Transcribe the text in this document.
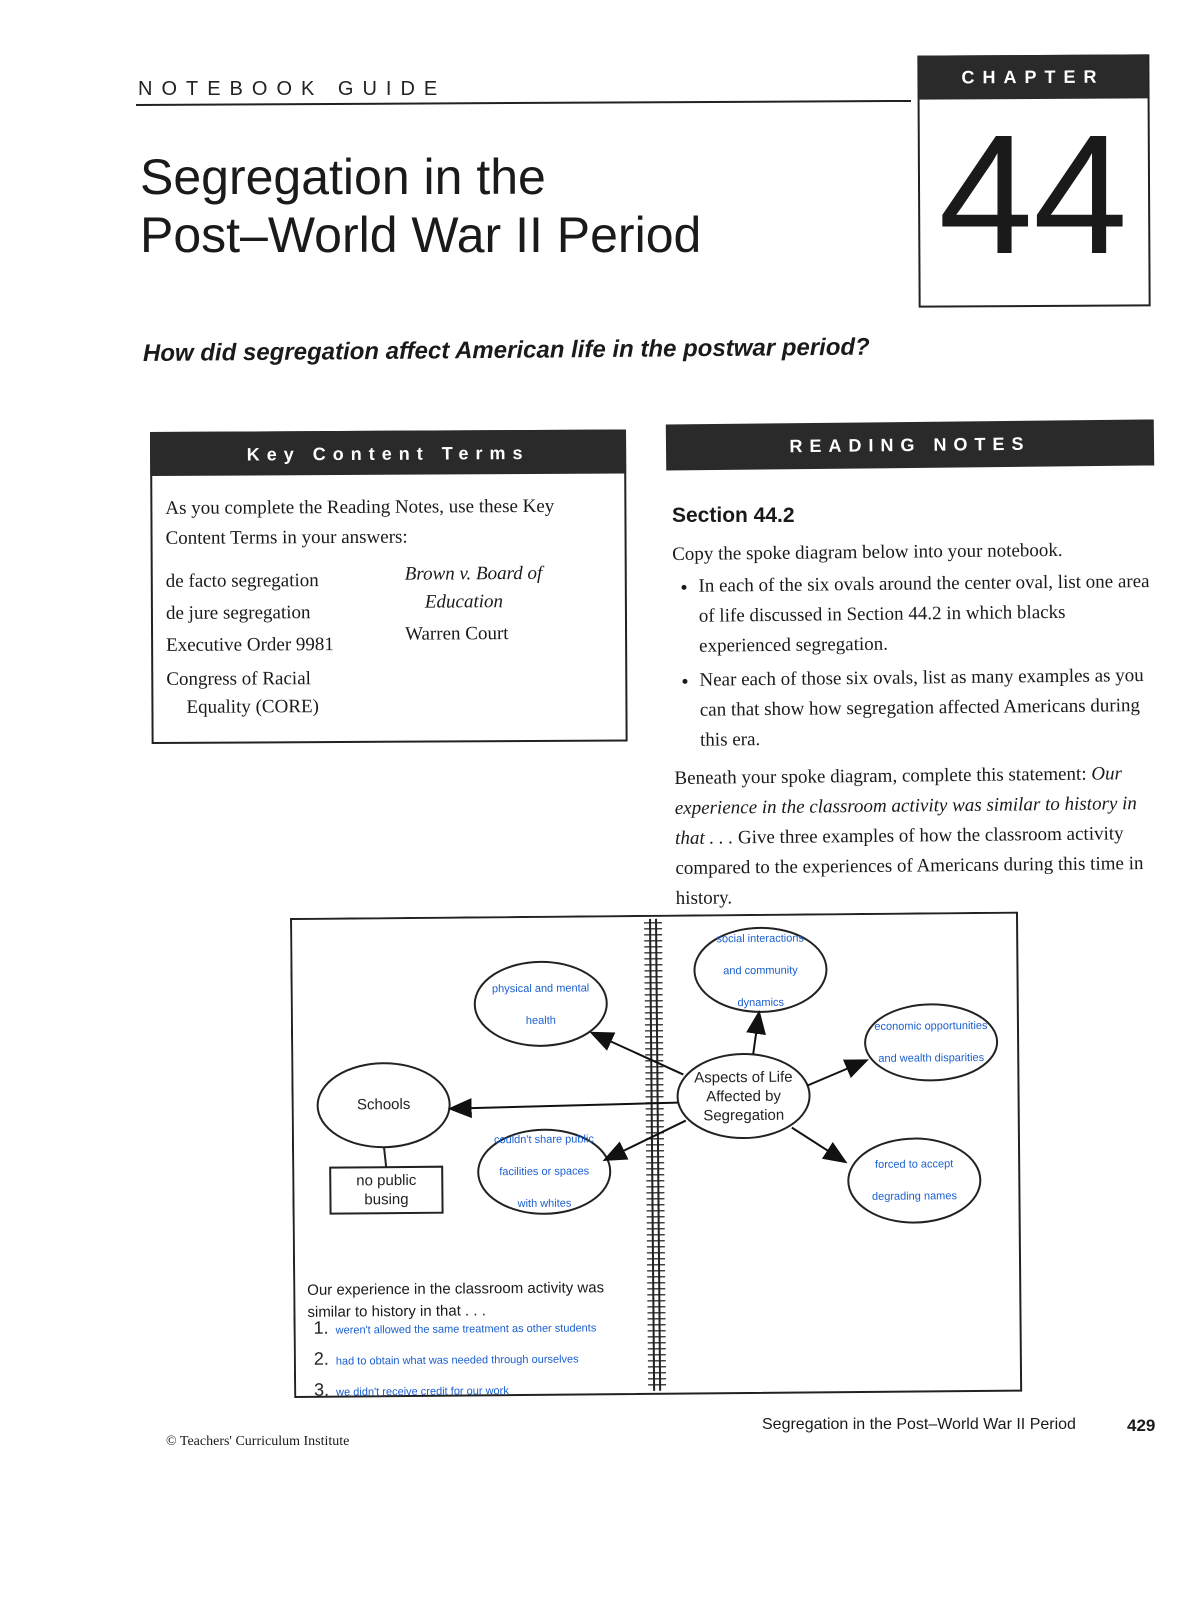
NOTEBOOK GUIDE
Segregation in the
Post–World War II Period
CHAPTER
44
How did segregation affect American life in the postwar period?
Key Content Terms
As you complete the Reading Notes, use these Key Content Terms in your answers:
de facto segregation
de jure segregation
Executive Order 9981
Congress of Racial
Equality (CORE)
Brown v. Board of
Education
Warren Court
READING NOTES
Section 44.2
Copy the spoke diagram below into your notebook.
• In each of the six ovals around the center oval, list one area of life discussed in Section 44.2 in which blacks experienced segregation.
• Near each of those six ovals, list as many examples as you can that show how segregation affected Americans during this era.

Beneath your spoke diagram, complete this statement: Our experience in the classroom activity was similar to history in that . . . Give three examples of how the classroom activity compared to the experiences of Americans during this time in history.

Schools
no public
busing
Aspects of Life
Affected by
Segregation
physical and mental
health
social interactions
and community
dynamics
economic opportunities
and wealth disparities
couldn't share public
facilities or spaces
with whites
forced to accept
degrading names
Our experience in the classroom activity was similar to history in that . . .
1. weren't allowed the same treatment as other students
2. had to obtain what was needed through ourselves
3. we didn't receive credit for our work
Segregation in the Post–World War II Period	429
© Teachers' Curriculum Institute
